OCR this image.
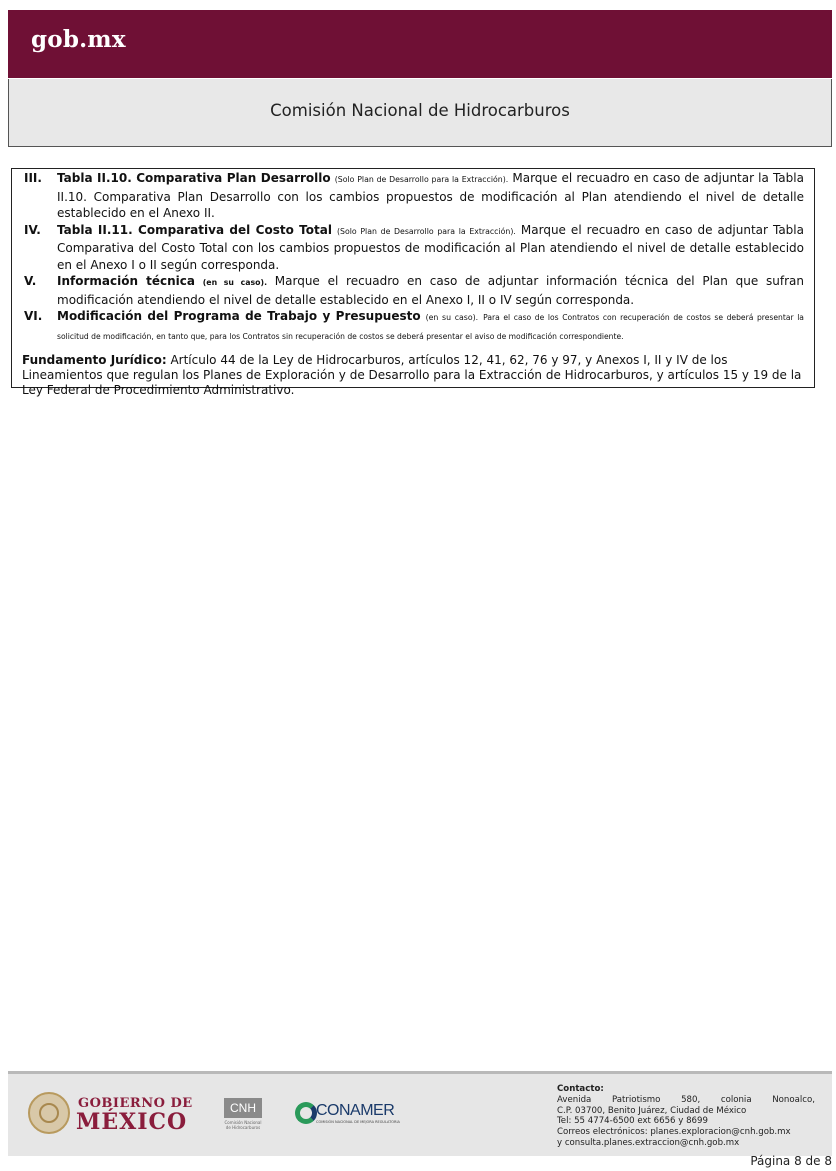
gob.mx
Comisión Nacional de Hidrocarburos
III. Tabla II.10. Comparativa Plan Desarrollo (Solo Plan de Desarrollo para la Extracción). Marque el recuadro en caso de adjuntar la Tabla II.10. Comparativa Plan Desarrollo con los cambios propuestos de modificación al Plan atendiendo el nivel de detalle establecido en el Anexo II.
IV. Tabla II.11. Comparativa del Costo Total (Solo Plan de Desarrollo para la Extracción). Marque el recuadro en caso de adjuntar Tabla Comparativa del Costo Total con los cambios propuestos de modificación al Plan atendiendo el nivel de detalle establecido en el Anexo I o II según corresponda.
V. Información técnica (en su caso). Marque el recuadro en caso de adjuntar información técnica del Plan que sufran modificación atendiendo el nivel de detalle establecido en el Anexo I, II o IV según corresponda.
VI. Modificación del Programa de Trabajo y Presupuesto (en su caso). Para el caso de los Contratos con recuperación de costos se deberá presentar la solicitud de modificación, en tanto que, para los Contratos sin recuperación de costos se deberá presentar el aviso de modificación correspondiente.
Fundamento Jurídico: Artículo 44 de la Ley de Hidrocarburos, artículos 12, 41, 62, 76 y 97, y Anexos I, II y IV de los Lineamientos que regulan los Planes de Exploración y de Desarrollo para la Extracción de Hidrocarburos, y artículos 15 y 19 de la Ley Federal de Procedimiento Administrativo.
GOBIERNO DE
MÉXICO
CNH
Comisión Nacional de Hidrocarburos
CONAMER
COMISIÓN NACIONAL DE MEJORA REGULATORIA
Contacto:
Avenida Patriotismo 580, colonia Nonoalco,
C.P. 03700, Benito Juárez, Ciudad de México
Tel: 55 4774-6500 ext 6656 y 8699
Correos electrónicos: planes.exploracion@cnh.gob.mx
y consulta.planes.extraccion@cnh.gob.mx
Página 8 de 8
